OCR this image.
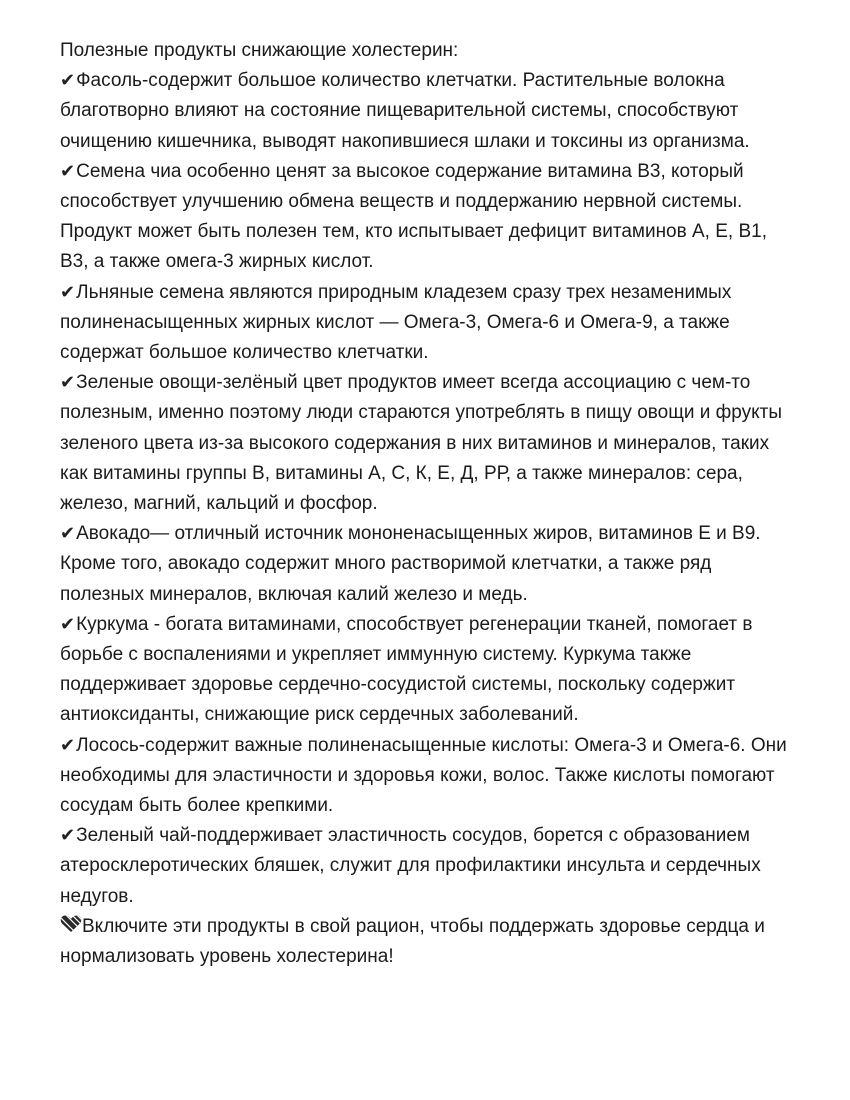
Полезные продукты снижающие холестерин:

✔Фасоль-содержит большое количество клетчатки. Растительные волокна благотворно влияют на состояние пищеварительной системы, способствуют очищению кишечника, выводят накопившиеся шлаки и токсины из организма.
✔Семена чиа особенно ценят за высокое содержание витамина B3, который способствует улучшению обмена веществ и поддержанию нервной системы. Продукт может быть полезен тем, кто испытывает дефицит витаминов A, E, B1, B3, а также омега-3 жирных кислот.
✔Льняные семена являются природным кладезем сразу трех незаменимых полиненасыщенных жирных кислот — Омега-3, Омега-6 и Омега-9, а также содержат большое количество клетчатки.
✔Зеленые овощи-зелёный цвет продуктов имеет всегда ассоциацию с чем-то полезным, именно поэтому люди стараются употреблять в пищу овощи и фрукты зеленого цвета из-за высокого содержания в них витаминов и минералов, таких как витамины группы В, витамины А, С, К, Е, Д, РР, а также минералов: сера, железо, магний, кальций и фосфор.
✔Авокадо— отличный источник мононенасыщенных жиров, витаминов Е и В9. Кроме того, авокадо содержит много растворимой клетчатки, а также ряд полезных минералов, включая калий железо и медь.
✔Куркума - богата витаминами, способствует регенерации тканей, помогает в борьбе с воспалениями и укрепляет иммунную систему. Куркума также поддерживает здоровье сердечно-сосудистой системы, поскольку содержит антиоксиданты, снижающие риск сердечных заболеваний.
✔Лосось-содержит важные полиненасыщенные кислоты: Омега-3 и Омега-6. Они необходимы для эластичности и здоровья кожи, волос. Также кислоты помогают сосудам быть более крепкими.
✔Зеленый чай-поддерживает эластичность сосудов, борется с образованием атеросклеротических бляшек, служит для профилактики инсульта и сердечных недугов.

Включите эти продукты в свой рацион, чтобы поддержать здоровье сердца и нормализовать уровень холестерина!
